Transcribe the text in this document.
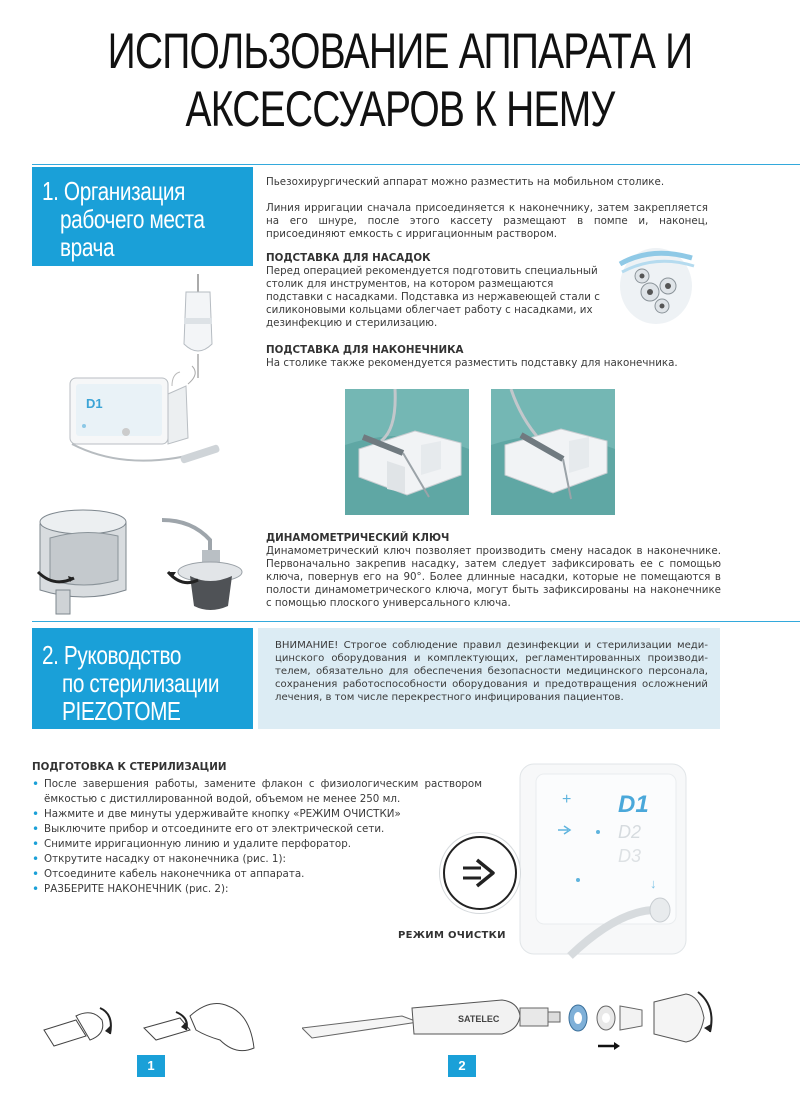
ИСПОЛЬЗОВАНИЕ АППАРАТА И
АКСЕССУАРОВ К НЕМУ
1. Организация
рабочего места
врача

Пьезохирургический аппарат можно разместить на мобильном столике.

Линия ирригации сначала присоединяется к наконечнику, затем закрепляется на его шнуре, после этого кассету размещают в помпе и, наконец, присоединяют емкость с ирригационным раствором.

ПОДСТАВКА ДЛЯ НАСАДОК

Перед операцией рекомендуется подготовить специальный столик для инструментов, на котором размещаются подставки с насадками. Подставка из нержавеющей стали с силиконовыми кольцами облегчает работу с насадками, их дезинфекцию и стерилизацию.

ПОДСТАВКА ДЛЯ НАКОНЕЧНИКА

На столике также рекомендуется разместить подставку для наконечника.

ДИНАМОМЕТРИЧЕСКИЙ КЛЮЧ

Динамометрический ключ позволяет производить смену насадок в наконечнике. Первоначально закрепив насадку, затем следует зафиксировать ее с помощью ключа, повернув его на 90°. Более длинные насадки, которые не помещаются в полости динамометрического ключа, могут быть зафиксированы на наконечнике с помощью плоского универсального ключа.

D1
2. Руководство
по стерилизации
PIEZOTOME

ВНИМАНИЕ! Строгое соблюдение правил дезинфекции и стерилизации меди-цинского оборудования и комплектующих, регламентированных производи-телем, обязательно для обеспечения безопасности медицинского персонала, сохранения работоспособности оборудования и предотвращения осложнений лечения, в том числе перекрестного инфицирования пациентов.

ПОДГОТОВКА К СТЕРИЛИЗАЦИИ
• После завершения работы, замените флакон с физиологическим раствором ёмкостью с дистиллированной водой, объемом не менее 250 мл.
• Нажмите и две минуты удерживайте кнопку «РЕЖИМ ОЧИСТКИ»
• Выключите прибор и отсоедините его от электрической сети.
• Снимите ирригационную линию и удалите перфоратор.
• Открутите насадку от наконечника (рис. 1):
• Отсоедините кабель наконечника от аппарата.
• РАЗБЕРИТЕ НАКОНЕЧНИК (рис. 2):
+ D1
D2
D3
↓
РЕЖИМ ОЧИСТКИ
1
SATELEC
2
